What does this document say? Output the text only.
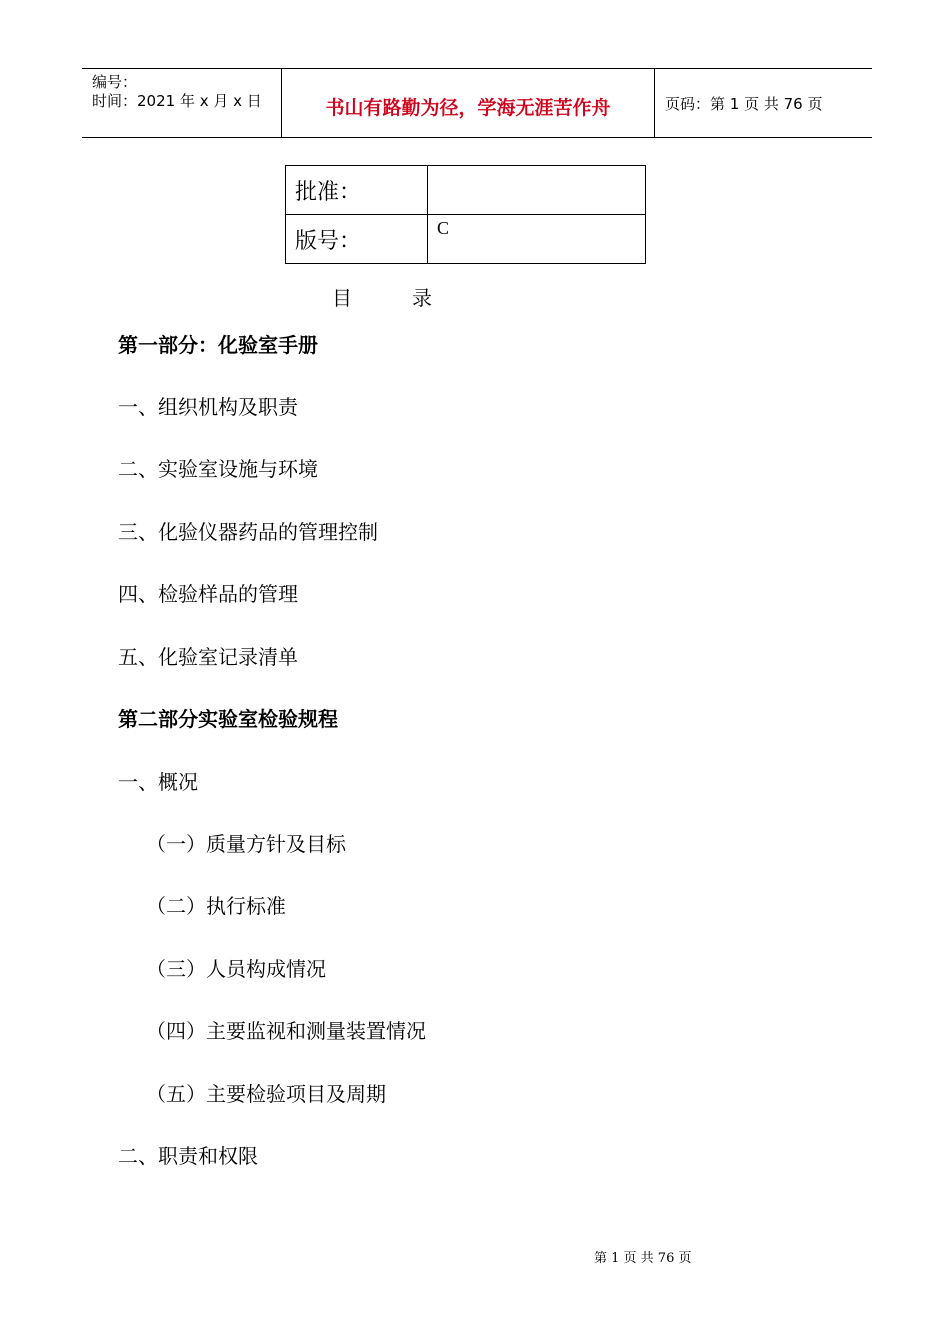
编号：
时间：2021 年 x 月 x 日	书山有路勤为径，学海无涯苦作舟	页码：第 1 页 共 76 页
批准：	
版号：	C
目	录
第一部分：化验室手册
一、组织机构及职责
二、实验室设施与环境
三、化验仪器药品的管理控制
四、检验样品的管理
五、化验室记录清单
第二部分实验室检验规程
一、概况
（一）质量方针及目标
（二）执行标准
（三）人员构成情况
（四）主要监视和测量装置情况
（五）主要检验项目及周期
二、职责和权限
第 1 页 共 76 页
